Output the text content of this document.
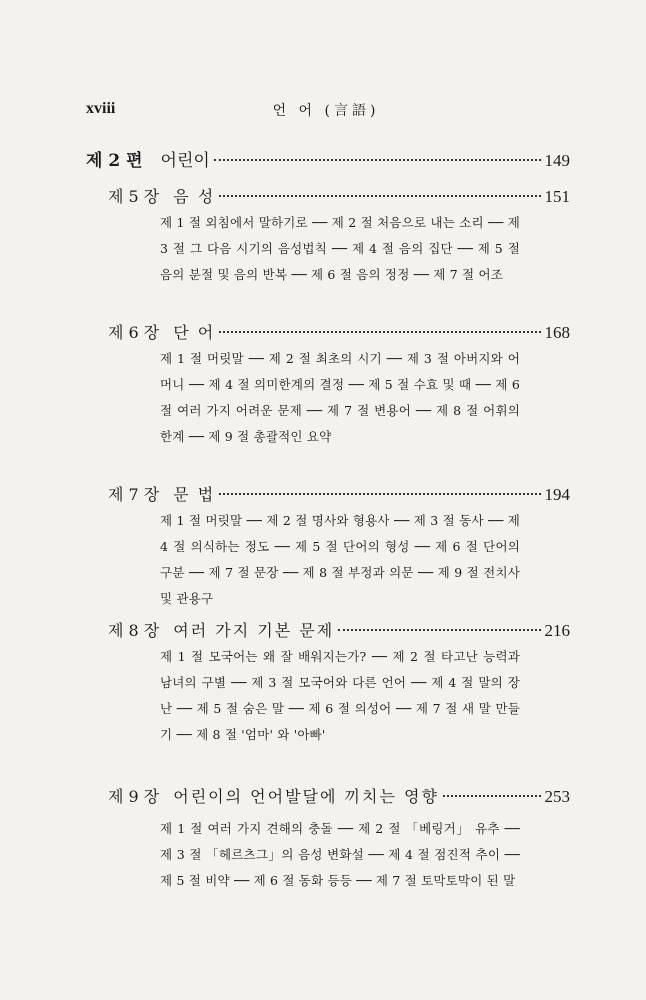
xviii	언 어 (言語)
제 2 편 어린이	149
제 5 장 음 성	151
제 1 절 외침에서 말하기로 ── 제 2 절 처음으로 내는 소리 ── 제 3 절 그 다음 시기의 음성법칙 ── 제 4 절 음의 집단 ── 제 5 절 음의 분절 및 음의 반복 ── 제 6 절 음의 정정 ── 제 7 절 어조
제 6 장 단 어	168
제 1 절 머릿말 ── 제 2 절 최초의 시기 ── 제 3 절 아버지와 어머니 ── 제 4 절 의미한계의 결정 ── 제 5 절 수효 및 때 ── 제 6 절 여러 가지 어려운 문제 ── 제 7 절 변용어 ── 제 8 절 어휘의 한계 ── 제 9 절 총괄적인 요약
제 7 장 문 법	194
제 1 절 머릿말 ── 제 2 절 명사와 형용사 ── 제 3 절 동사 ── 제 4 절 의식하는 정도 ── 제 5 절 단어의 형성 ── 제 6 절 단어의 구분 ── 제 7 절 문장 ── 제 8 절 부정과 의문 ── 제 9 절 전치사 및 관용구
제 8 장 여러 가지 기본 문제	216
제 1 절 모국어는 왜 잘 배워지는가? ── 제 2 절 타고난 능력과 남녀의 구별 ── 제 3 절 모국어와 다른 언어 ── 제 4 절 말의 장난 ── 제 5 절 숨은 말 ── 제 6 절 의성어 ── 제 7 절 새 말 만들기 ── 제 8 절 '엄마' 와 '아빠'
제 9 장 어린이의 언어발달에 끼치는 영향	253
제 1 절 여러 가지 견해의 충돌 ── 제 2 절 「베링거」 유추 ── 제 3 절 「헤르츠그」의 음성 변화설 ── 제 4 절 점진적 추이 ── 제 5 절 비약 ── 제 6 절 동화 등등 ── 제 7 절 토막토막이 된 말
